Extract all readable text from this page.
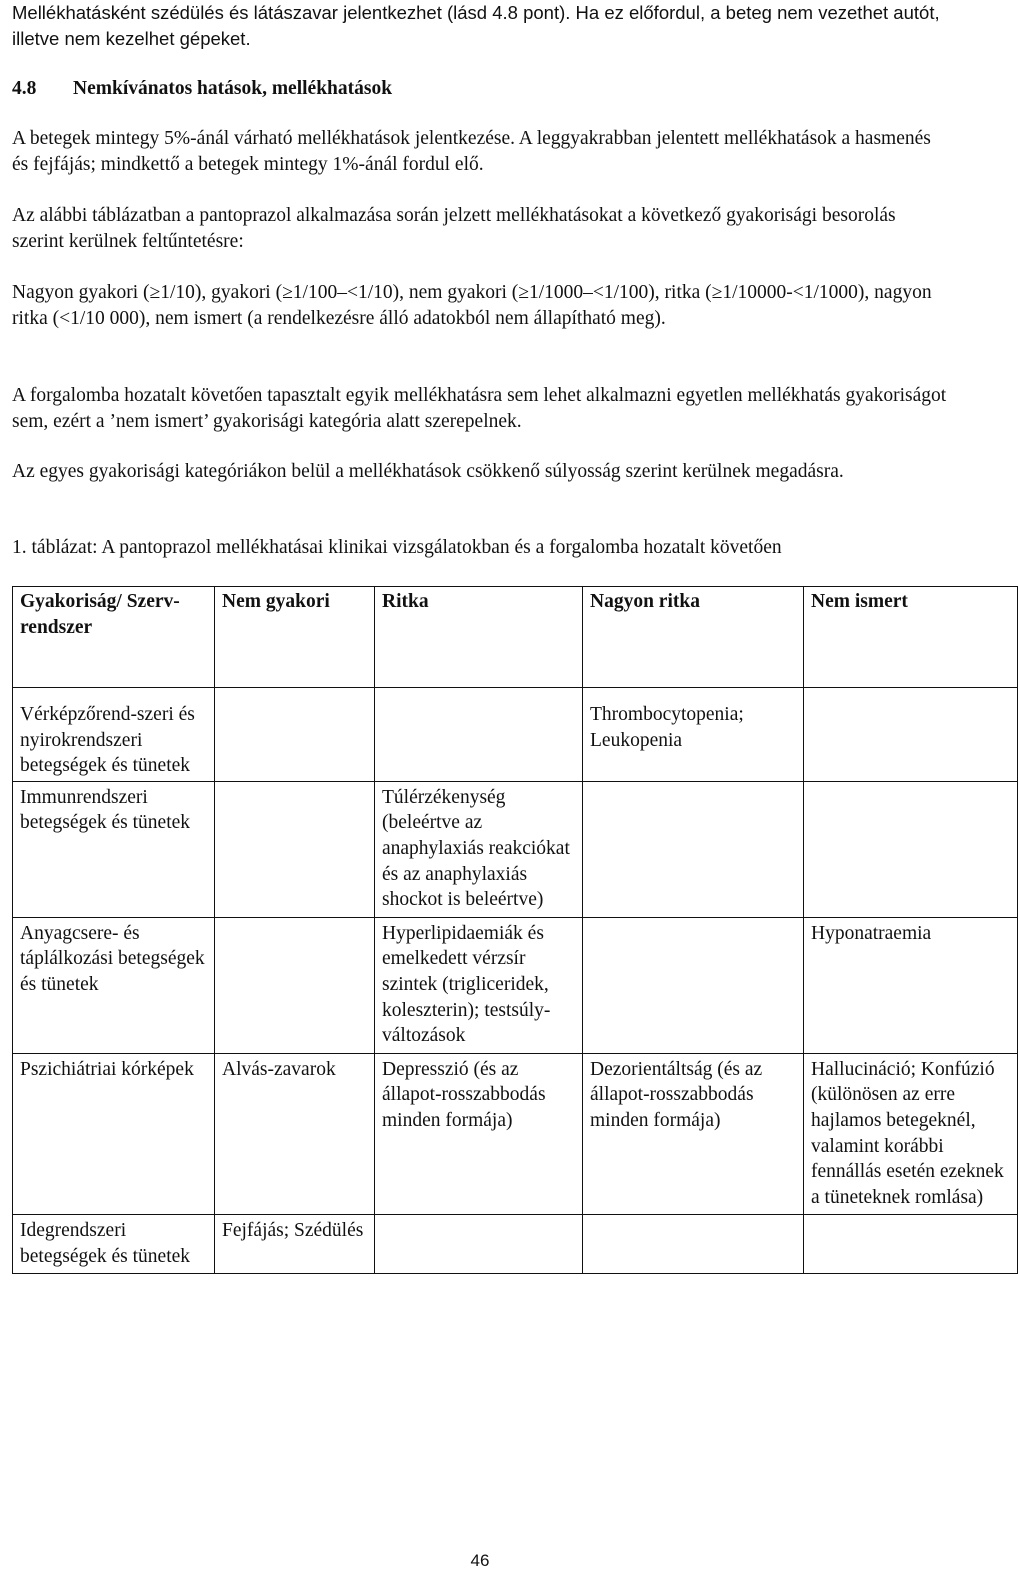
Mellékhatásként szédülés és látászavar jelentkezhet (lásd 4.8 pont). Ha ez előfordul, a beteg nem vezethet autót, illetve nem kezelhet gépeket.

4.8 Nemkívánatos hatások, mellékhatások

A betegek mintegy 5%-ánál várható mellékhatások jelentkezése. A leggyakrabban jelentett mellékhatások a hasmenés és fejfájás; mindkettő a betegek mintegy 1%-ánál fordul elő.

Az alábbi táblázatban a pantoprazol alkalmazása során jelzett mellékhatásokat a következő gyakorisági besorolás szerint kerülnek feltűntetésre:

Nagyon gyakori (≥1/10), gyakori (≥1/100–<1/10), nem gyakori (≥1/1000–<1/100), ritka (≥1/10000-<1/1000), nagyon ritka (<1/10 000), nem ismert (a rendelkezésre álló adatokból nem állapítható meg).

A forgalomba hozatalt követően tapasztalt egyik mellékhatásra sem lehet alkalmazni egyetlen mellékhatás gyakoriságot sem, ezért a ’nem ismert’ gyakorisági kategória alatt szerepelnek.

Az egyes gyakorisági kategóriákon belül a mellékhatások csökkenő súlyosság szerint kerülnek megadásra.

1. táblázat: A pantoprazol mellékhatásai klinikai vizsgálatokban és a forgalomba hozatalt követően

Gyakoriság/ Szerv-rendszer	Nem gyakori	Ritka	Nagyon ritka	Nem ismert
Vérképzőrend-szeri és nyirokrendszeri betegségek és tünetek			Thrombocytopenia; Leukopenia	
Immunrendszeri betegségek és tünetek		Túlérzékenység (beleértve az anaphylaxiás reakciókat és az anaphylaxiás shockot is beleértve)		
Anyagcsere- és táplálkozási betegségek és tünetek		Hyperlipidaemiák és emelkedett vérzsír szintek (trigliceridek, koleszterin); testsúly-változások		Hyponatraemia
Pszichiátriai kórképek	Alvás-zavarok	Depresszió (és az állapot-rosszabbodás minden formája)	Dezorientáltság (és az állapot-rosszabbodás minden formája)	Hallucináció; Konfúzió (különösen az erre hajlamos betegeknél, valamint korábbi fennállás esetén ezeknek a tüneteknek romlása)
Idegrendszeri betegségek és tünetek	Fejfájás; Szédülés			
46
